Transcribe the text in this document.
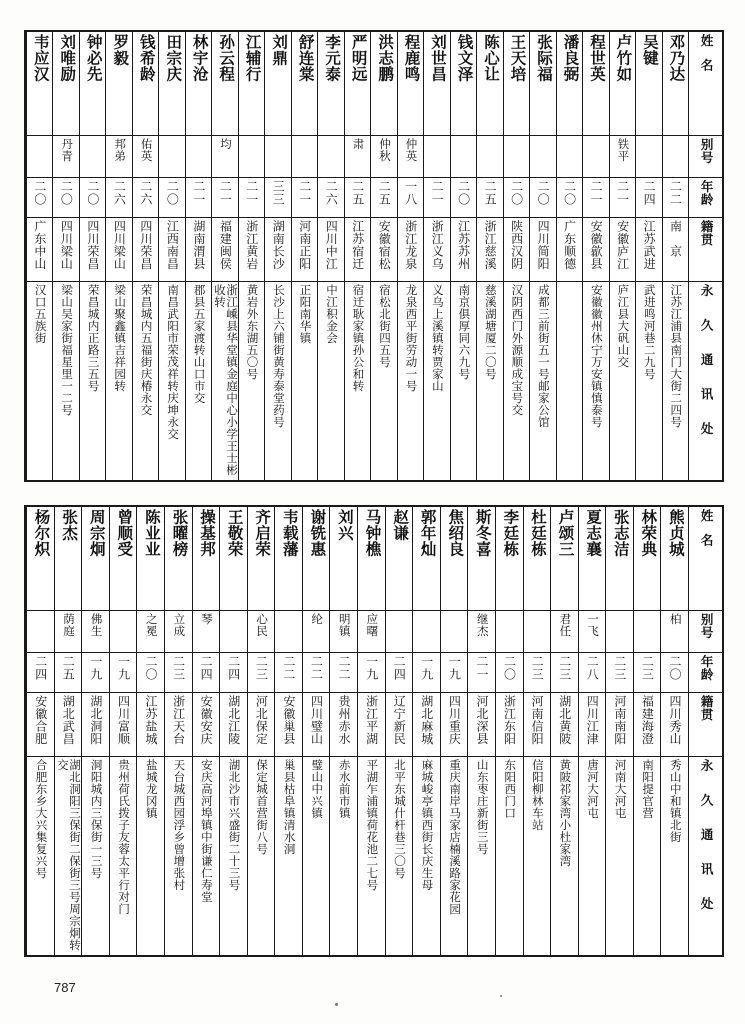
姓名
别号
年龄
籍贯
永久通讯处
邓乃达
二二
南　京
江苏江浦县南门大街二四号
吴键
二四
江苏武进
武进鸣河巷二九号
卢竹如
铁平
二一
安徽庐江
庐江县大矾山交
程世英
二一
安徽歙县
安徽徽州休宁万安镇慎泰号
潘良弼
二〇
广东顺德
张际福
二〇
四川简阳
成都三前街五一号邮家公馆
王天培
二〇
陕西汉阴
汉阴西门外源顺成宝号交
陈心让
二五
浙江慈溪
慈溪湖塘厦二〇号
钱文泽
二〇
江苏苏州
南京俱厚同六九号
刘世昌
二一
浙江义乌
义乌上溪镇转贾家山
程鹿鸣
仲英
一八
浙江龙泉
龙泉西平街劳动一号
洪志鹏
仲秋
二五
安徽宿松
宿松北街四五号
严明远
肃
二五
江苏宿迁
宿迁耿家镇孙公和转
李元泰
二六
四川中江
中江积金会
舒连棠
二一
河南正阳
正阳南华镇
刘鼎
三三
湖南长沙
长沙上六铺街黄寿泰堂药号
江辅行
二一
浙江黄岩
黄岩外东湖五〇号
孙云程
均
二一
福建闽侯
浙江嵊县华堂镇金庭中心小学王士彬收转
林宇沧
二一
湖南渭县
郡县五家渡转山口市交
田宗庆
二〇
江西南昌
南昌武阳市荣茂祥转庆坤永交
钱希龄
佑英
二六
四川荣昌
荣昌城内五福街庆椿永交
罗毅
邦弟
二六
四川梁山
梁山聚鑫镇吉祥园转
钟必先
二〇
四川荣昌
荣昌城内正路三五号
刘唯励
丹青
二〇
四川梁山
梁山吴家街福星里一二号
韦应汉
二〇
广东中山
汉口五族街
姓名
别号
年龄
籍贯
永久通讯处
熊贞城
柏
二〇
四川秀山
秀山中和镇北街
林荣典
二三
福建海澄
南阳提官营
张志洁
二三
河南南阳
河南大河屯
夏志襄
一飞
二八
四川江津
唐河大河屯
卢颂三
君任
二三
湖北黄陂
黄陂祁家湾小杜家湾
杜廷栋
二三
河南信阳
信阳柳林车站
李廷栋
二〇
浙江东阳
东阳西门口
斯冬喜
继杰
二一
河北深县
山东枣庄新街三号
焦绍良
一九
四川重庆
重庆南岸马家店楠溪路家花园
郭年灿
一九
湖北麻城
麻城峻亭镇西街长庆生母
赵谦
二四
辽宁新民
北平东城什杆巷三〇号
马钟樵
应曙
一九
浙江平湖
平湖乍浦镇荷花池二七号
刘兴
明镇
二二
贵州赤水
赤水前市镇
谢铣惠
纶
二二
四川璧山
璧山中兴镇
韦载藩
二二
安徽巢县
巢县枯阜镇清水洞
齐启荣
心民
二三
河北保定
保定城首营街八号
王敬荣
二四
湖北江陵
湖北沙市兴盛街二十三号
操基邦
琴
二四
安徽安庆
安庆高河埠镇中街谦仁寿堂
张曜榜
立成
二三
浙江天台
天台城西园浮乡曾增张村
陈业业
之冕
二〇
江苏盐城
盐城龙冈镇
曾顺受
一九
四川富顺
贵州荷氏拨子友蓉太平行对门
周宗炯
佛生
一九
湖北洞阳
洞阳城内三保街一三号
张杰
荫庭
二五
湖北武昌
湖北洞阳三保街二保街三号周宗炯转交
杨尔炽
二四
安徽合肥
合肥东乡大兴集复兴号
787
